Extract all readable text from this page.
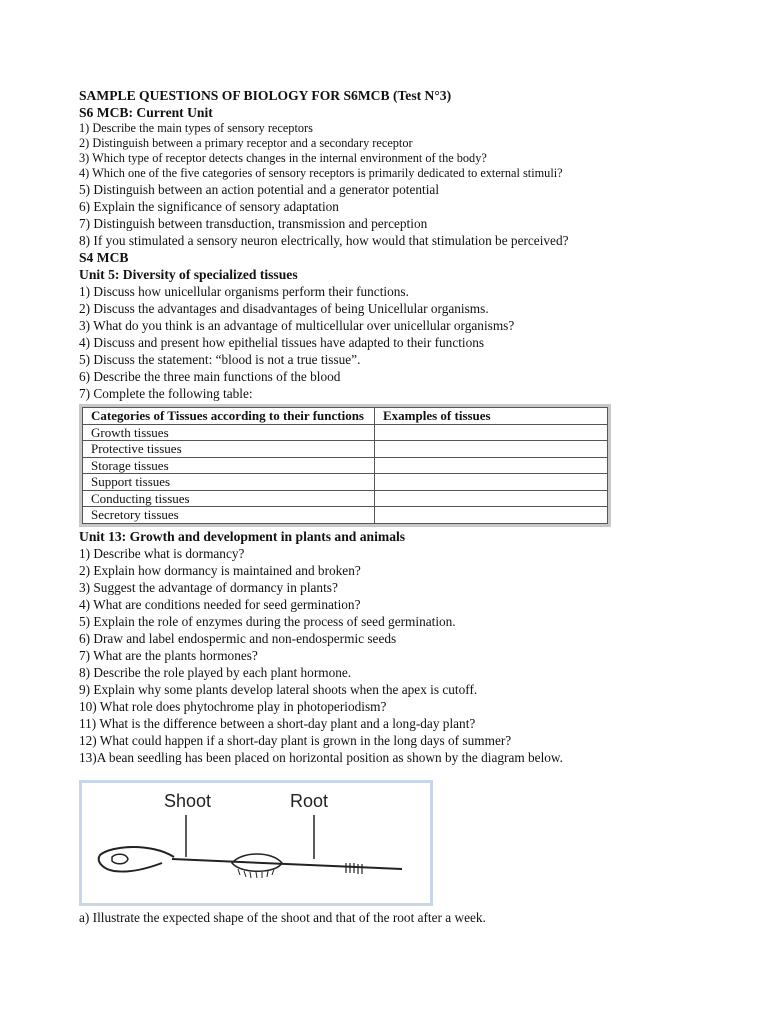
SAMPLE QUESTIONS OF BIOLOGY FOR S6MCB (Test N°3)

S6 MCB: Current Unit

1) Describe the main types of sensory receptors

2) Distinguish between a primary receptor and a secondary receptor

3) Which type of receptor detects changes in the internal environment of the body?

4) Which one of the five categories of sensory receptors is primarily dedicated to external stimuli?

5) Distinguish between an action potential and a generator potential

6) Explain the significance of sensory adaptation

7) Distinguish between transduction, transmission and perception

8) If you stimulated a sensory neuron electrically, how would that stimulation be perceived?

S4 MCB

Unit 5: Diversity of specialized tissues

1) Discuss how unicellular organisms perform their functions.

2) Discuss the advantages and disadvantages of being Unicellular organisms.

3) What do you think is an advantage of multicellular over unicellular organisms?

4) Discuss and present how epithelial tissues have adapted to their functions

5) Discuss the statement: “blood is not a true tissue”.

6) Describe the three main functions of the blood

7) Complete the following table:

Categories of Tissues according to their functions	Examples of tissues
Growth tissues	
Protective tissues	
Storage tissues	
Support tissues	
Conducting tissues	
Secretory tissues	

Unit 13: Growth and development in plants and animals

1) Describe what is dormancy?

2) Explain how dormancy is maintained and broken?

3) Suggest the advantage of dormancy in plants?

4) What are conditions needed for seed germination?

5) Explain the role of enzymes during the process of seed germination.

6) Draw and label endospermic and non-endospermic seeds

7) What are the plants hormones?

8) Describe the role played by each plant hormone.

9) Explain why some plants develop lateral shoots when the apex is cutoff.

10) What role does phytochrome play in photoperiodism?

11) What is the difference between a short-day plant and a long-day plant?

12) What could happen if a short-day plant is grown in the long days of summer?

13)A bean seedling has been placed on horizontal position as shown by the diagram below.

Shoot	Root

a) Illustrate the expected shape of the shoot and that of the root after a week.
